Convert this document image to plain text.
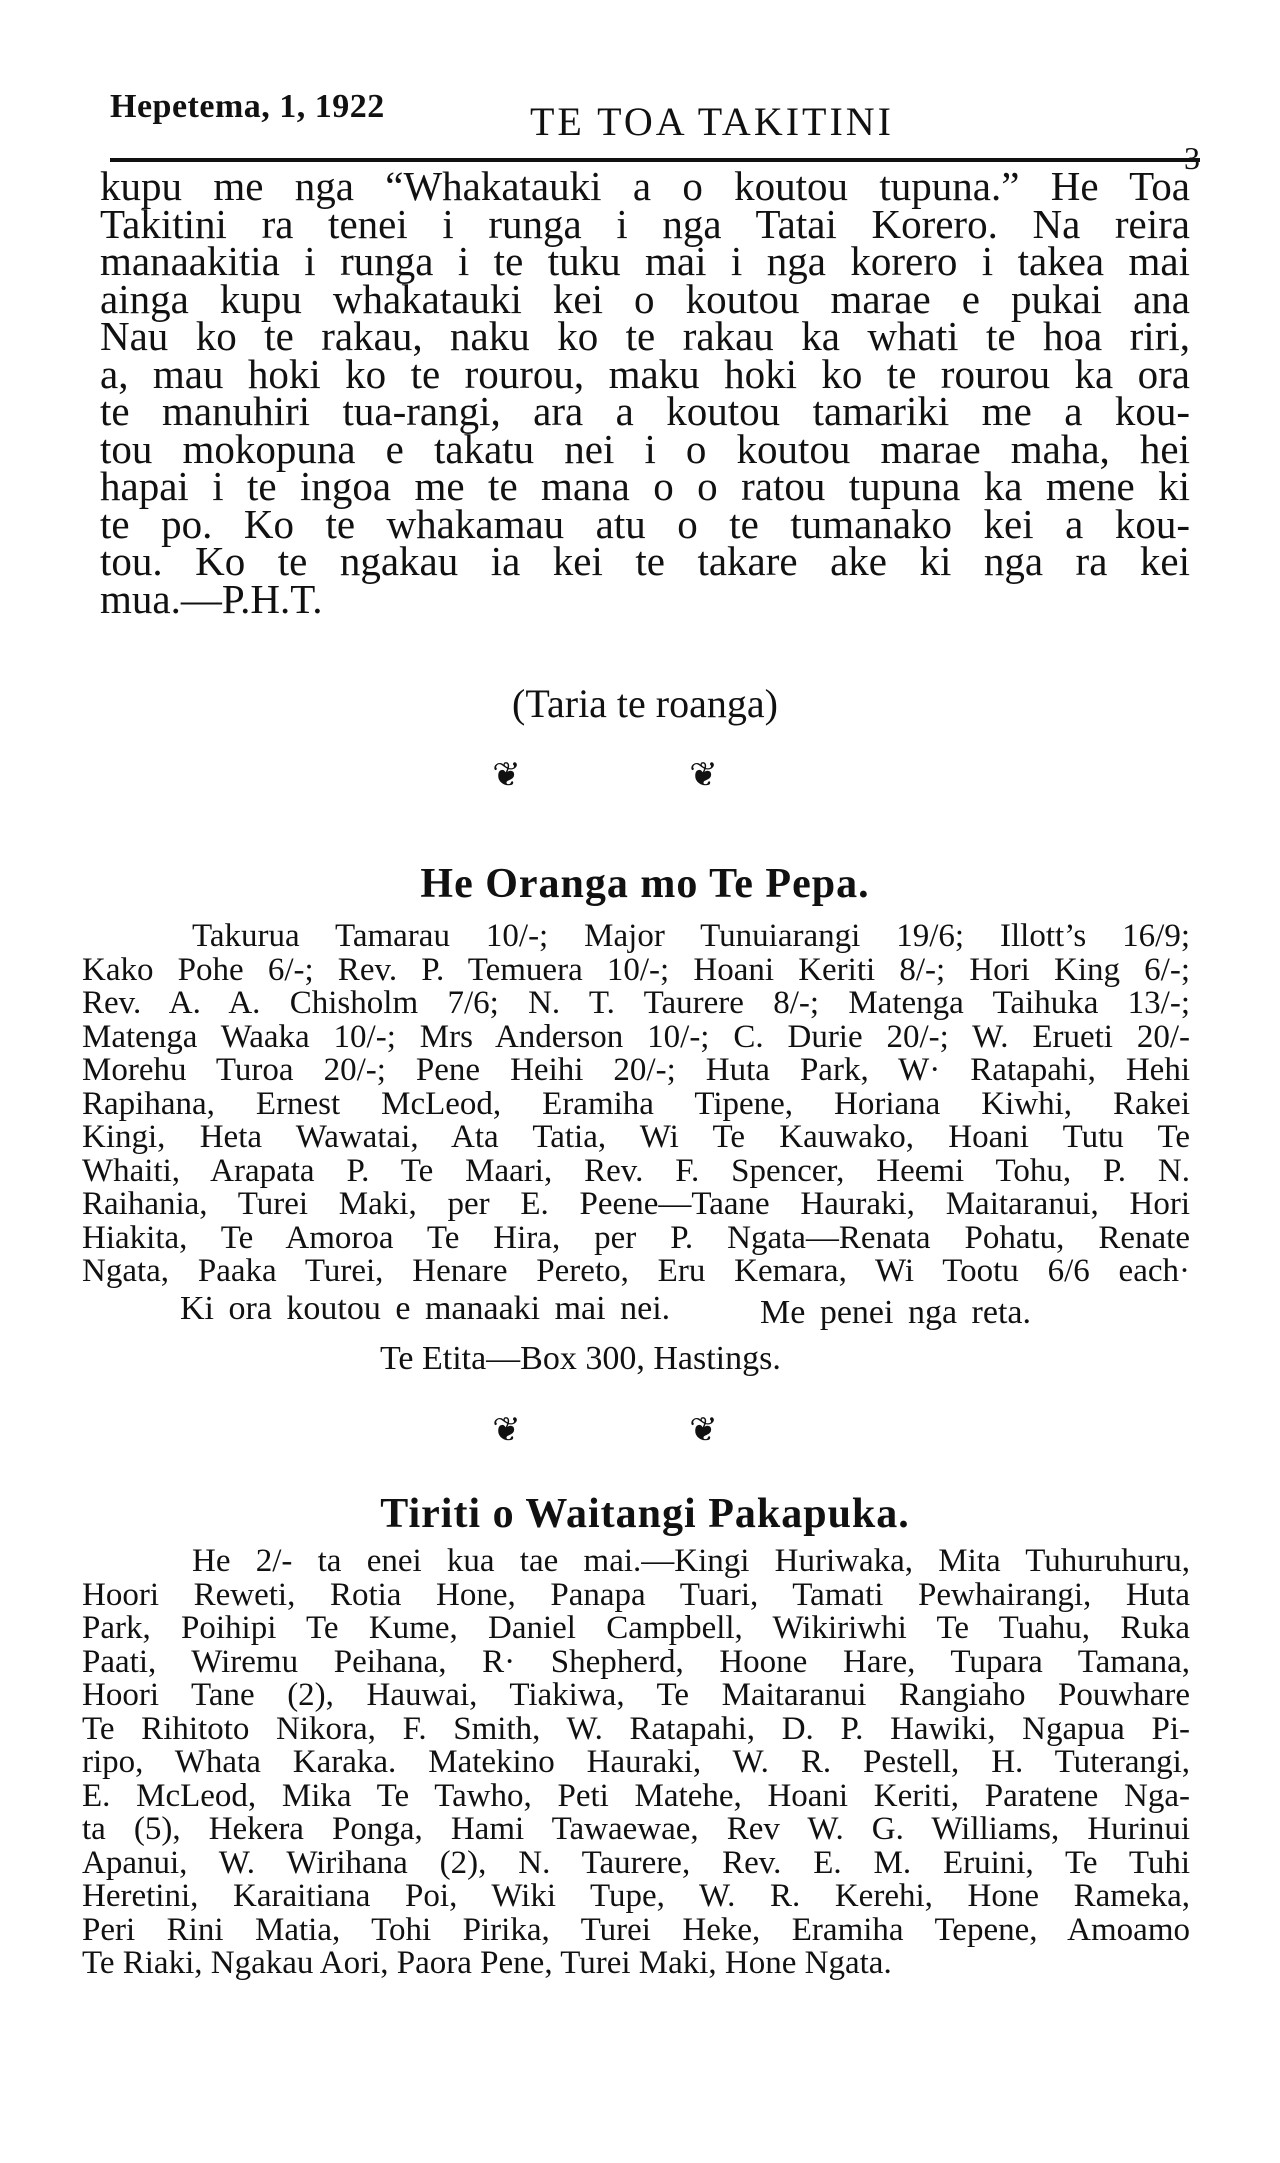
Hepetema, 1, 1922	TE TOA TAKITINI
kupu me nga “Whakatauki a o koutou tupuna.” He Toa
Takitini ra tenei i runga i nga Tatai Korero. Na reira
manaakitia i runga i te tuku mai i nga korero i takea mai
ainga kupu whakatauki kei o koutou marae e pukai ana
Nau ko te rakau, naku ko te rakau ka whati te hoa riri,
a, mau hoki ko te rourou, maku hoki ko te rourou ka ora
te manuhiri tua-rangi, ara a koutou tamariki me a kou-
tou mokopuna e takatu nei i o koutou marae maha, hei
hapai i te ingoa me te mana o o ratou tupuna ka mene ki
te po. Ko te whakamau atu o te tumanako kei a kou-
tou. Ko te ngakau ia kei te takare ake ki nga ra kei
mua.—P.H.T.
(Taria te roanga)
❦	❦
He Oranga mo Te Pepa.
Takurua Tamarau 10/-; Major Tunuiarangi 19/6; Illott’s 16/9;
Kako Pohe 6/-; Rev. P. Temuera 10/-; Hoani Keriti 8/-; Hori King 6/-;
Rev. A. A. Chisholm 7/6; N. T. Taurere 8/-; Matenga Taihuka 13/-;
Matenga Waaka 10/-; Mrs Anderson 10/-; C. Durie 20/-; W. Erueti 20/-
Morehu Turoa 20/-; Pene Heihi 20/-; Huta Park, W· Ratapahi, Hehi
Rapihana, Ernest McLeod, Eramiha Tipene, Horiana Kiwhi, Rakei
Kingi, Heta Wawatai, Ata Tatia, Wi Te Kauwako, Hoani Tutu Te
Whaiti, Arapata P. Te Maari, Rev. F. Spencer, Heemi Tohu, P. N.
Raihania, Turei Maki, per E. Peene—Taane Hauraki, Maitaranui, Hori
Hiakita, Te Amoroa Te Hira, per P. Ngata—Renata Pohatu, Renate
Ngata, Paaka Turei, Henare Pereto, Eru Kemara, Wi Tootu 6/6 each·
Ki ora koutou e manaaki mai nei.	Me penei nga reta.
Te Etita—Box 300, Hastings.
❦	❦
Tiriti o Waitangi Pakapuka.
He 2/- ta enei kua tae mai.—Kingi Huriwaka, Mita Tuhuruhuru,
Hoori Reweti, Rotia Hone, Panapa Tuari, Tamati Pewhairangi, Huta
Park, Poihipi Te Kume, Daniel Campbell, Wikiriwhi Te Tuahu, Ruka
Paati, Wiremu Peihana, R· Shepherd, Hoone Hare, Tupara Tamana,
Hoori Tane (2), Hauwai, Tiakiwa, Te Maitaranui Rangiaho Pouwhare
Te Rihitoto Nikora, F. Smith, W. Ratapahi, D. P. Hawiki, Ngapua Pi-
ripo, Whata Karaka. Matekino Hauraki, W. R. Pestell, H. Tuterangi,
E. McLeod, Mika Te Tawho, Peti Matehe, Hoani Keriti, Paratene Nga-
ta (5), Hekera Ponga, Hami Tawaewae, Rev W. G. Williams, Hurinui
Apanui, W. Wirihana (2), N. Taurere, Rev. E. M. Eruini, Te Tuhi
Heretini, Karaitiana Poi, Wiki Tupe, W. R. Kerehi, Hone Rameka,
Peri Rini Matia, Tohi Pirika, Turei Heke, Eramiha Tepene, Amoamo
Te Riaki, Ngakau Aori, Paora Pene, Turei Maki, Hone Ngata.
